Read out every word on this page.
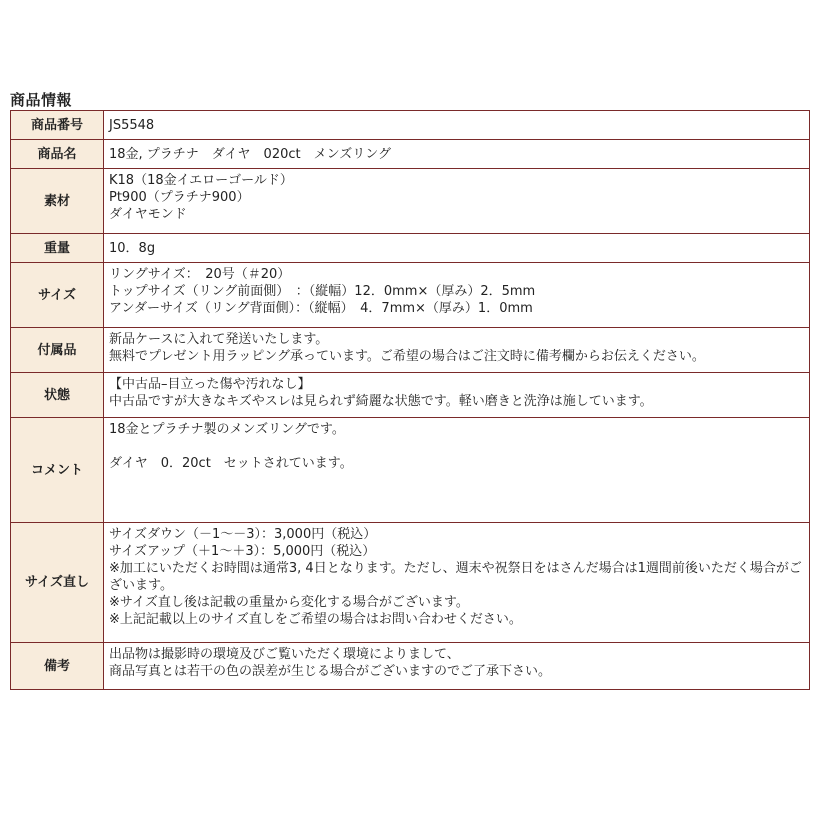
商品情報
商品番号	JS5548
商品名	18金, プラチナ　ダイヤ　020ct　メンズリング
素材	K18（18金イエローゴールド）
Pt900（プラチナ900）
ダイヤモンド

重量	10．8g
サイズ	リングサイズ：　20号（＃20）
トップサイズ（リング前面側）　：（縦幅）12．0mm×（厚み）2．5mm
アンダーサイズ（リング背面側）：（縦幅）　4．7mm×（厚み）1．0mm

付属品	新品ケースに入れて発送いたします。
無料でプレゼント用ラッピング承っています。ご希望の場合はご注文時に備考欄からお伝えください。

状態	【中古品–目立った傷や汚れなし】
中古品ですが大きなキズやスレは見られず綺麗な状態です。軽い磨きと洗浄は施しています。

コメント	18金とプラチナ製のメンズリングです。
ダイヤ　0．20ct　セットされています。

サイズ直し	サイズダウン（－1～－3）：3,000円（税込）
サイズアップ（＋1～＋3）：5,000円（税込）
※加工にいただくお時間は通常3, 4日となります。ただし、週末や祝祭日をはさんだ場合は1週間前後いただく場合がございます。
※サイズ直し後は記載の重量から変化する場合がございます。
※上記記載以上のサイズ直しをご希望の場合はお問い合わせください。

備考	出品物は撮影時の環境及びご覧いただく環境によりまして、
商品写真とは若干の色の誤差が生じる場合がございますのでご了承下さい。
